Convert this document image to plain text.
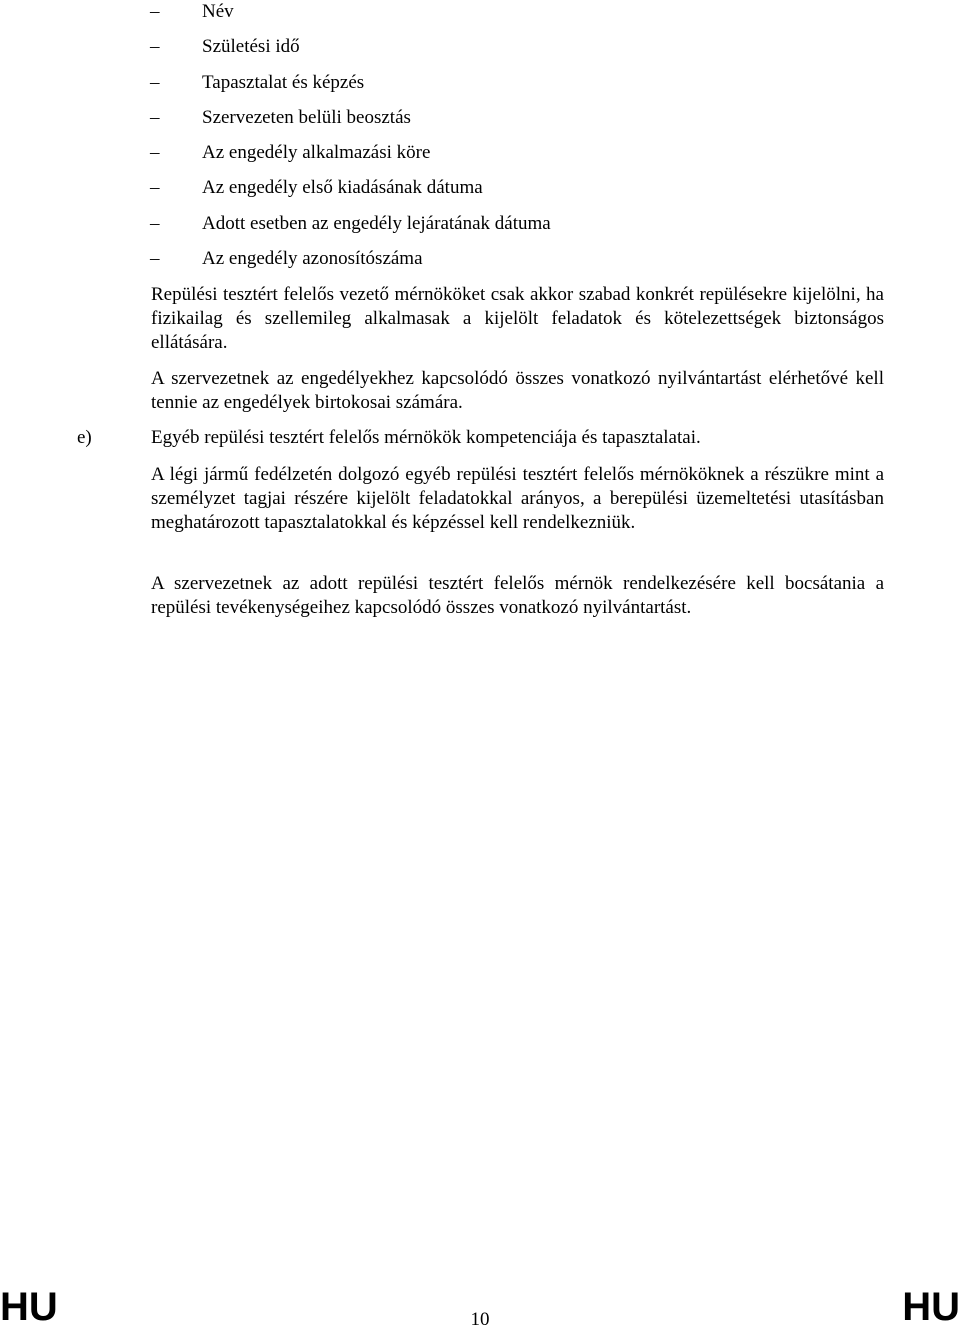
–	Név
–	Születési idő
–	Tapasztalat és képzés
–	Szervezeten belüli beosztás
–	Az engedély alkalmazási köre
–	Az engedély első kiadásának dátuma
–	Adott esetben az engedély lejáratának dátuma
–	Az engedély azonosítószáma

Repülési tesztért felelős vezető mérnököket csak akkor szabad konkrét repülésekre kijelölni, ha fizikailag és szellemileg alkalmasak a kijelölt feladatok és kötelezettségek biztonságos ellátására.

A szervezetnek az engedélyekhez kapcsolódó összes vonatkozó nyilvántartást elérhetővé kell tennie az engedélyek birtokosai számára.

e)	Egyéb repülési tesztért felelős mérnökök kompetenciája és tapasztalatai.

A légi jármű fedélzetén dolgozó egyéb repülési tesztért felelős mérnököknek a részükre mint a személyzet tagjai részére kijelölt feladatokkal arányos, a berepülési üzemeltetési utasításban meghatározott tapasztalatokkal és képzéssel kell rendelkezniük.

A szervezetnek az adott repülési tesztért felelős mérnök rendelkezésére kell bocsátania a repülési tevékenységeihez kapcsolódó összes vonatkozó nyilvántartást.

HU	10	HU
